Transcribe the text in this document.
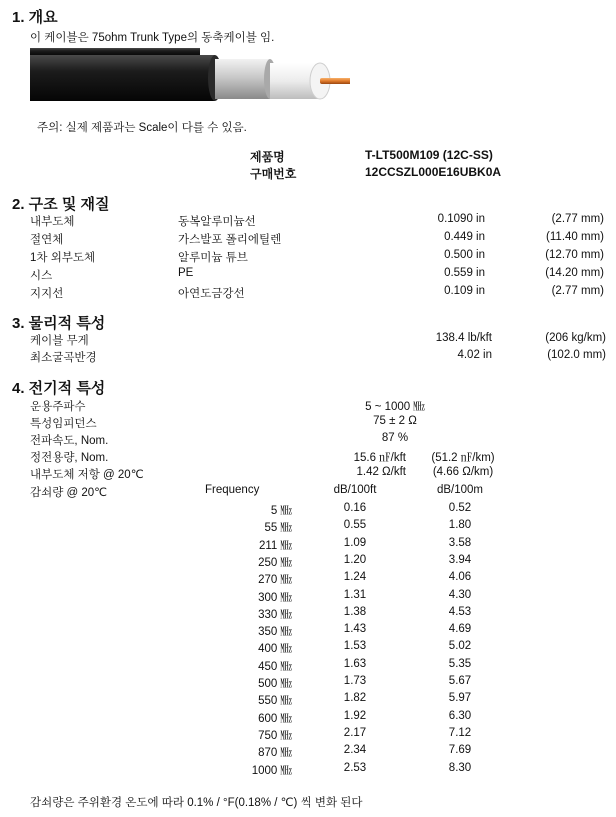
1. 개요
이 케이블은 75ohm Trunk Type의 동축케이블 임.
주의: 실제 제품과는 Scale이 다를 수 있음.
제품명	T-LT500M109 (12C-SS)
구매번호	12CCSZL000E16UBK0A
2. 구조 및 재질
내부도체	동복알루미늄선	0.1090 in	(2.77 mm)
절연체	가스발포 폴리에틸렌	0.449 in	(11.40 mm)
1차 외부도체	알루미늄 튜브	0.500 in	(12.70 mm)
시스	PE	0.559 in	(14.20 mm)
지지선	아연도금강선	0.109 in	(2.77 mm)
3. 물리적 특성
케이블 무게	138.4 lb/kft	(206 kg/km)
최소굴곡반경	4.02 in	(102.0 mm)
4. 전기적 특성
운용주파수	5 ~ 1000 ㎒
특성임피던스	75 ± 2 Ω
전파속도, Nom.	87 %
정전용량, Nom.	15.6 ㎋/kft	(51.2 ㎋/km)
내부도체 저항 @ 20℃	1.42 Ω/kft	(4.66 Ω/km)
감쇠량 @ 20℃	Frequency	dB/100ft	dB/100m
5 ㎒	0.16	0.52
55 ㎒	0.55	1.80
211 ㎒	1.09	3.58
250 ㎒	1.20	3.94
270 ㎒	1.24	4.06
300 ㎒	1.31	4.30
330 ㎒	1.38	4.53
350 ㎒	1.43	4.69
400 ㎒	1.53	5.02
450 ㎒	1.63	5.35
500 ㎒	1.73	5.67
550 ㎒	1.82	5.97
600 ㎒	1.92	6.30
750 ㎒	2.17	7.12
870 ㎒	2.34	7.69
1000 ㎒	2.53	8.30
감쇠량은 주위환경 온도에 따라 0.1% / °F(0.18% / ℃) 씩 변화 된다
